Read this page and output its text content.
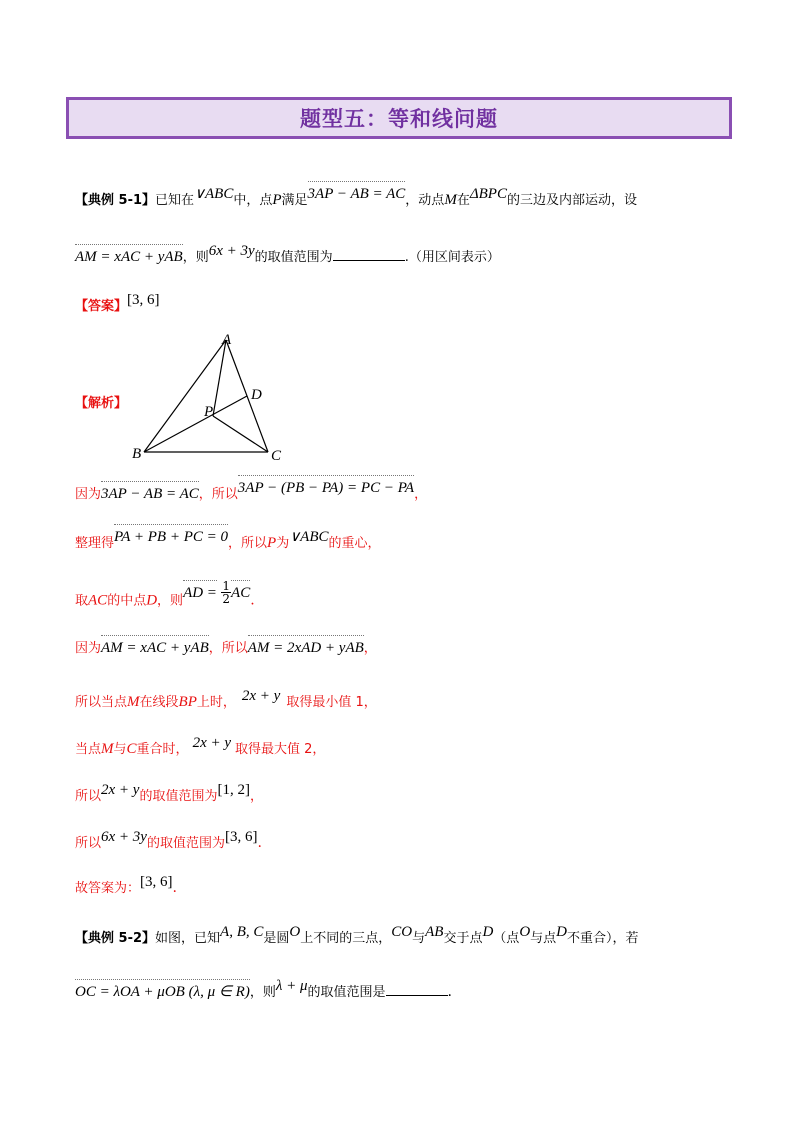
题型五：等和线问题
【典例 5-1】已知在∨ABC中，点P满足3AP − AB = AC，动点M在ΔBPC的三边及内部运动，设
AM = xAC + yAB，则6x + 3y的取值范围为	.（用区间表示）
【答案】[3, 6]
【解析】
A
B	C
D
P
因为3AP − AB = AC，所以3AP − (PB − PA) = PC − PA，
整理得PA + PB + PC = 0，所以P为∨ABC的重心，
取AC的中点D，则AD = $\frac{1}{2}$ AC.
因为AM = xAC + yAB，所以AM = 2xAD + yAB，
所以当点M在线段BP上时， 2x + y 取得最小值 1，
当点M与C重合时， 2x + y 取得最大值 2，
所以2x + y的取值范围为[1, 2]，
所以6x + 3y的取值范围为[3, 6].
故答案为：[3, 6].
【典例 5-2】如图，已知A, B, C是圆O上不同的三点，CO与AB交于点D（点O与点D不重合），若
OC = λOA + μOB (λ, μ ∈ R)，则λ + μ的取值范围是	.
